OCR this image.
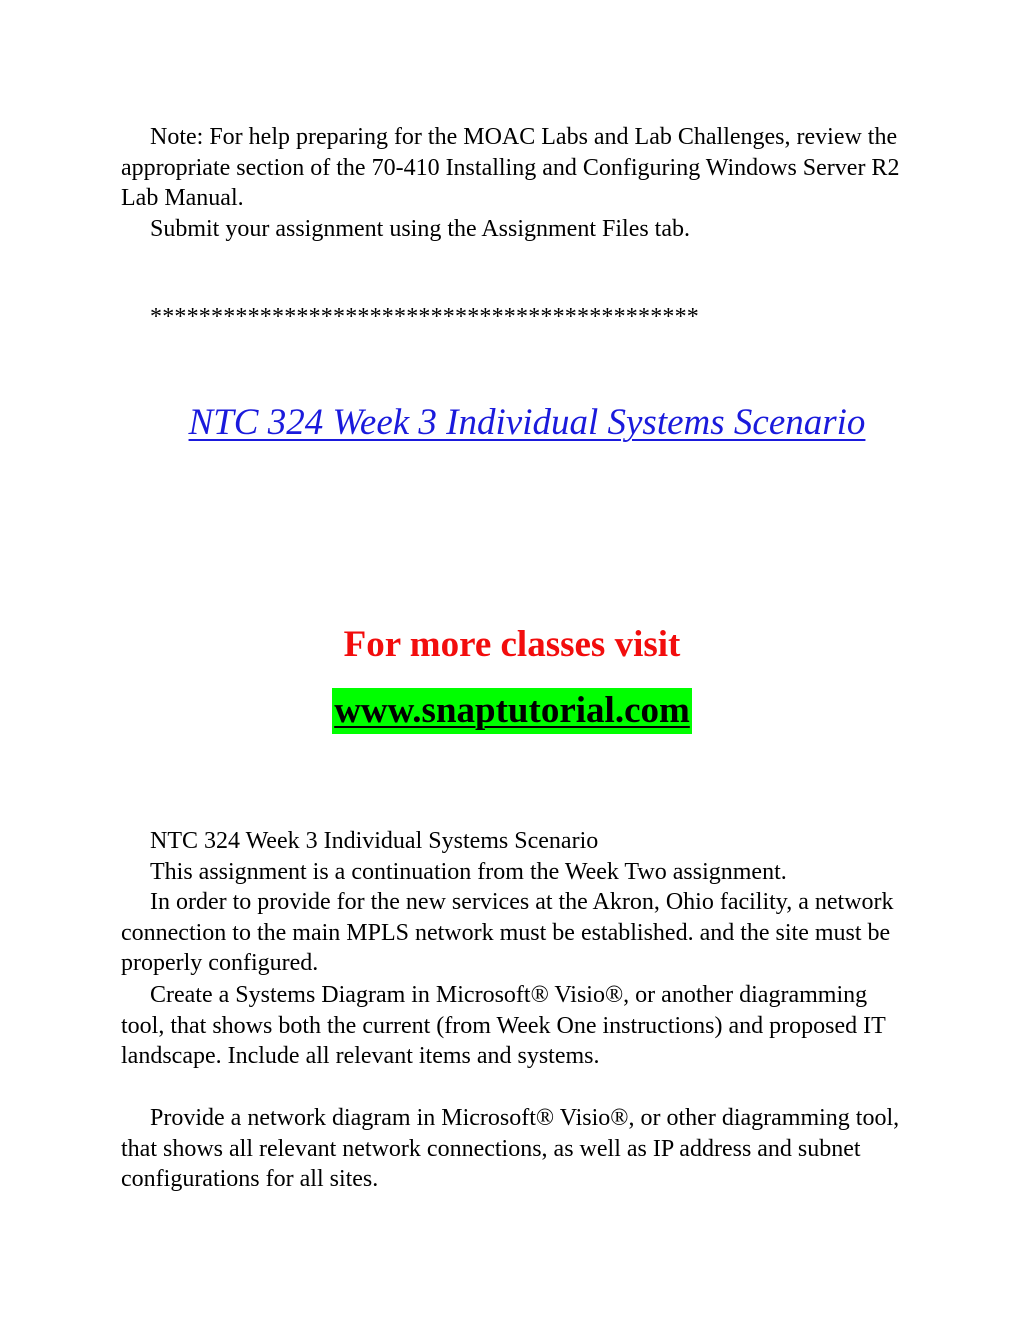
Note: For help preparing for the MOAC Labs and Lab Challenges, review the appropriate section of the 70-410 Installing and Configuring Windows Server R2 Lab Manual.

Submit your assignment using the Assignment Files tab.

*********************************************

NTC 324 Week 3 Individual Systems Scenario

For more classes visit

www.snaptutorial.com

NTC 324 Week 3 Individual Systems Scenario

This assignment is a continuation from the Week Two assignment.

In order to provide for the new services at the Akron, Ohio facility, a network connection to the main MPLS network must be established. and the site must be properly configured.

Create a Systems Diagram in Microsoft® Visio®, or another diagramming tool, that shows both the current (from Week One instructions) and proposed IT landscape. Include all relevant items and systems.

Provide a network diagram in Microsoft® Visio®, or other diagramming tool, that shows all relevant network connections, as well as IP address and subnet configurations for all sites.
